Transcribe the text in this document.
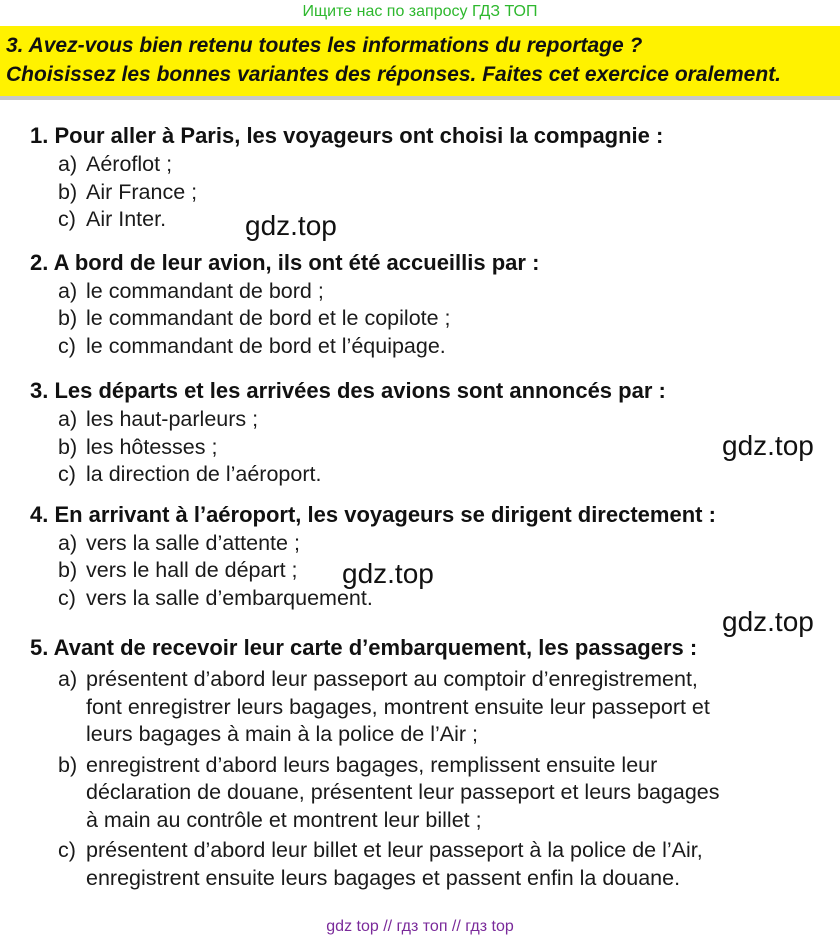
Ищите нас по запросу ГДЗ ТОП
3. Avez-vous bien retenu toutes les informations du reportage ?
Choisissez les bonnes variantes des réponses. Faites cet exercice oralement.
1. Pour aller à Paris, les voyageurs ont choisi la compagnie :
a) Aéroflot ;
b) Air France ;
c) Air Inter.
2. A bord de leur avion, ils ont été accueillis par :
a) le commandant de bord ;
b) le commandant de bord et le copilote ;
c) le commandant de bord et l’équipage.
3. Les départs et les arrivées des avions sont annoncés par :
a) les haut-parleurs ;
b) les hôtesses ;
c) la direction de l’aéroport.
4. En arrivant à l’aéroport, les voyageurs se dirigent directement :
a) vers la salle d’attente ;
b) vers le hall de départ ;
c) vers la salle d’embarquement.
5. Avant de recevoir leur carte d’embarquement, les passagers :
a) présentent d’abord leur passeport au comptoir d’enregistrement,
font enregistrer leurs bagages, montrent ensuite leur passeport et
leurs bagages à main à la police de l’Air ;
b) enregistrent d’abord leurs bagages, remplissent ensuite leur
déclaration de douane, présentent leur passeport et leurs bagages
à main au contrôle et montrent leur billet ;
c) présentent d’abord leur billet et leur passeport à la police de l’Air,
enregistrent ensuite leurs bagages et passent enfin la douane.
gdz.top
gdz.top
gdz.top
gdz.top
gdz top // гдз топ // гдз top
